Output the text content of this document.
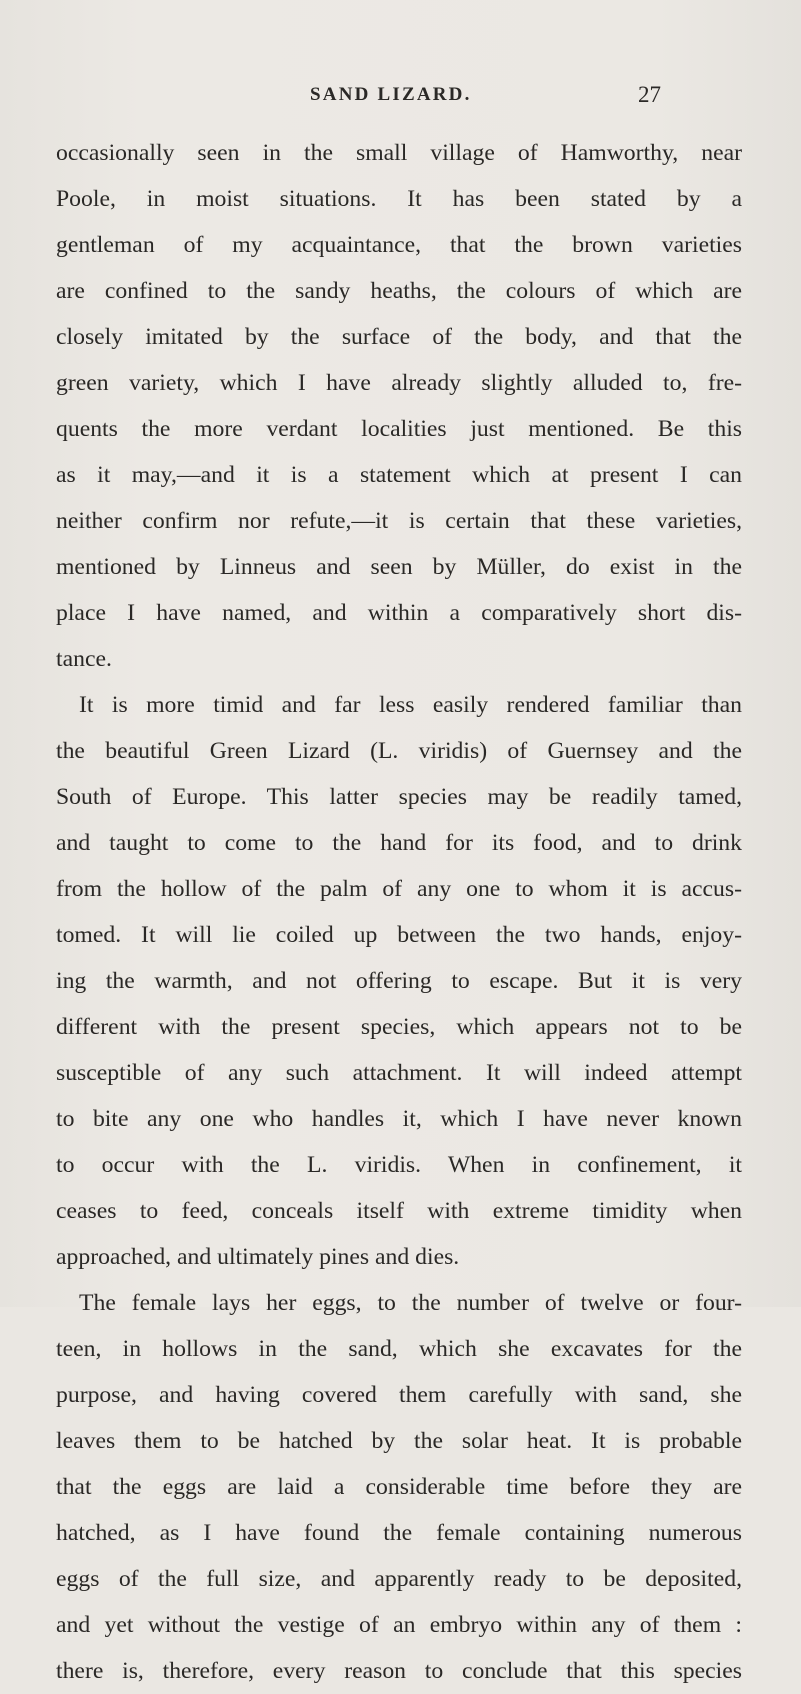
SAND LIZARD.	27
occasionally seen in the small village of Hamworthy, near
Poole, in moist situations. It has been stated by a
gentleman of my acquaintance, that the brown varieties
are confined to the sandy heaths, the colours of which are
closely imitated by the surface of the body, and that the
green variety, which I have already slightly alluded to, fre-
quents the more verdant localities just mentioned. Be this
as it may,—and it is a statement which at present I can
neither confirm nor refute,—it is certain that these varieties,
mentioned by Linneus and seen by Müller, do exist in the
place I have named, and within a comparatively short dis-
tance.
It is more timid and far less easily rendered familiar than
the beautiful Green Lizard (L. viridis) of Guernsey and the
South of Europe. This latter species may be readily tamed,
and taught to come to the hand for its food, and to drink
from the hollow of the palm of any one to whom it is accus-
tomed. It will lie coiled up between the two hands, enjoy-
ing the warmth, and not offering to escape. But it is very
different with the present species, which appears not to be
susceptible of any such attachment. It will indeed attempt
to bite any one who handles it, which I have never known
to occur with the L. viridis. When in confinement, it
ceases to feed, conceals itself with extreme timidity when
approached, and ultimately pines and dies.
The female lays her eggs, to the number of twelve or four-
teen, in hollows in the sand, which she excavates for the
purpose, and having covered them carefully with sand, she
leaves them to be hatched by the solar heat. It is probable
that the eggs are laid a considerable time before they are
hatched, as I have found the female containing numerous
eggs of the full size, and apparently ready to be deposited,
and yet without the vestige of an embryo within any of them :
there is, therefore, every reason to conclude that this species
